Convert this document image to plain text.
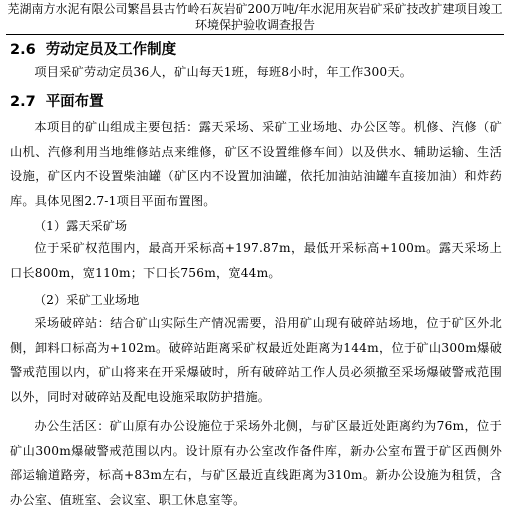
芜湖南方水泥有限公司繁昌县古竹岭石灰岩矿200万吨/年水泥用灰岩矿采矿技改扩建项目竣工环境保护验收调查报告
2.6 劳动定员及工作制度
项目采矿劳动定员36人，矿山每天1班，每班8小时，年工作300天。
2.7 平面布置
本项目的矿山组成主要包括：露天采场、采矿工业场地、办公区等。机修、汽修（矿山机、汽修利用当地维修站点来维修，矿区不设置维修车间）以及供水、辅助运输、生活设施，矿区内不设置柴油罐（矿区内不设置加油罐，依托加油站油罐车直接加油）和炸药库。具体见图2.7-1项目平面布置图。
（1）露天采矿场
位于采矿权范围内，最高开采标高+197.87m，最低开采标高+100m。露天采场上口长800m，宽110m；下口长756m，宽44m。
（2）采矿工业场地
采场破碎站：结合矿山实际生产情况需要，沿用矿山现有破碎站场地，位于矿区外北侧，卸料口标高为+102m。破碎站距离采矿权最近处距离为144m，位于矿山300m爆破警戒范围以内，矿山将来在开采爆破时，所有破碎站工作人员必须撤至采场爆破警戒范围以外，同时对破碎站及配电设施采取防护措施。
办公生活区：矿山原有办公设施位于采场外北侧，与矿区最近处距离约为76m，位于矿山300m爆破警戒范围以内。设计原有办公室改作备件库，新办公室布置于矿区西侧外部运输道路旁，标高+83m左右，与矿区最近直线距离为310m。新办公设施为租赁，含办公室、值班室、会议室、职工休息室等。
